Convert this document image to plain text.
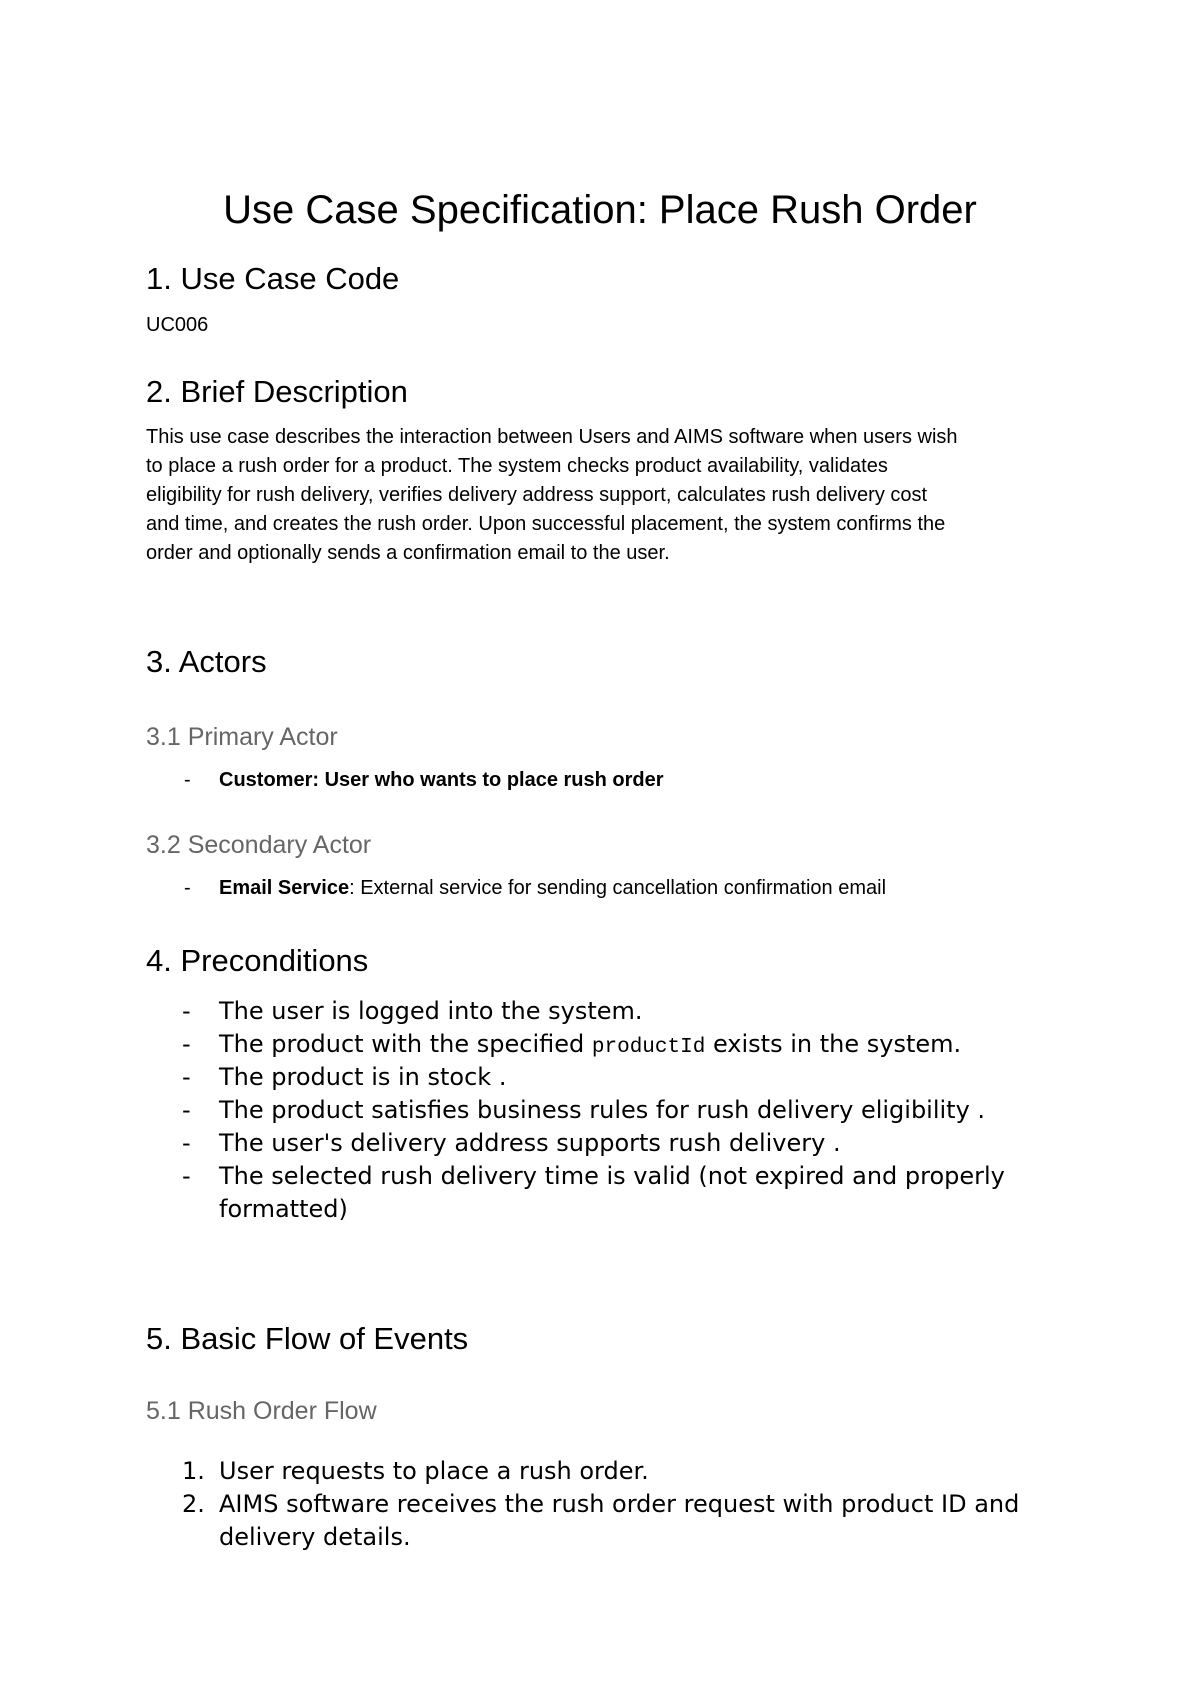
Use Case Specification: Place Rush Order
1. Use Case Code

UC006

2. Brief Description

This use case describes the interaction between Users and AIMS software when users wish

to place a rush order for a product. The system checks product availability, validates

eligibility for rush delivery, verifies delivery address support, calculates rush delivery cost

and time, and creates the rush order. Upon successful placement, the system confirms the

order and optionally sends a confirmation email to the user.

3. Actors
3.1 Primary Actor
- Customer: User who wants to place rush order
3.2 Secondary Actor
- Email Service: External service for sending cancellation confirmation email
4. Preconditions
- The user is logged into the system.
- The product with the specified productId exists in the system.
- The product is in stock .
- The product satisfies business rules for rush delivery eligibility .
- The user's delivery address supports rush delivery .
- The selected rush delivery time is valid (not expired and properly
formatted)
5. Basic Flow of Events
5.1 Rush Order Flow
1. User requests to place a rush order.
2. AIMS software receives the rush order request with product ID and
delivery details.
